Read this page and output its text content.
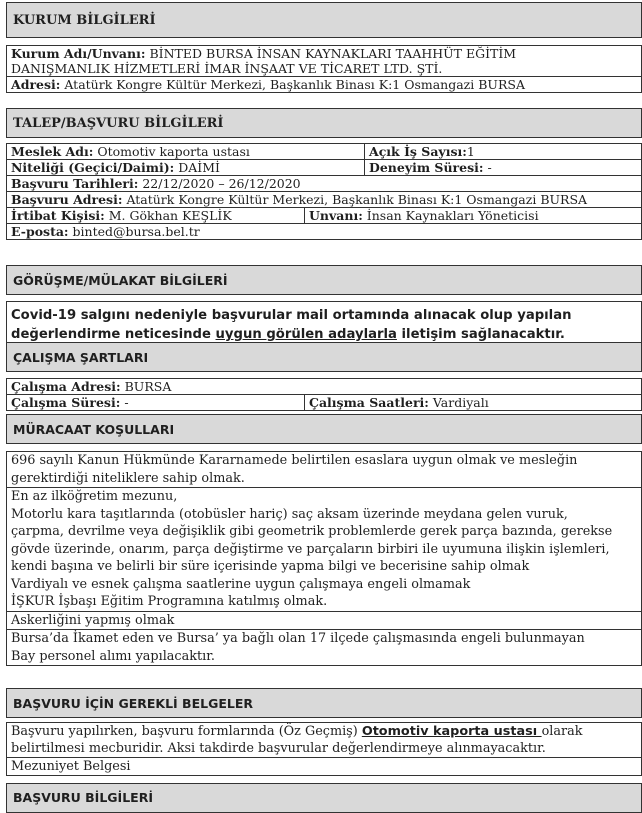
KURUM BİLGİLERİ
Kurum Adı/Unvanı: BİNTED BURSA İNSAN KAYNAKLARI TAAHHÜT EĞİTİM
DANIŞMANLIK HİZMETLERİ İMAR İNŞAAT VE TİCARET LTD. ŞTİ.
Adresi: Atatürk Kongre Kültür Merkezi, Başkanlık Binası K:1 Osmangazi BURSA
TALEP/BAŞVURU BİLGİLERİ
Meslek Adı: Otomotiv kaporta ustası	Açık İş Sayısı:1
Niteliği (Geçici/Daimi): DAİMİ	Deneyim Süresi: -
Başvuru Tarihleri: 22/12/2020 – 26/12/2020
Başvuru Adresi: Atatürk Kongre Kültür Merkezi, Başkanlık Binası K:1 Osmangazi BURSA
İrtibat Kişisi: M. Gökhan KEŞLİK	Unvanı: İnsan Kaynakları Yöneticisi
E-posta: binted@bursa.bel.tr
GÖRÜŞME/MÜLAKAT BİLGİLERİ
Covid-19 salgını nedeniyle başvurular mail ortamında alınacak olup yapılan
değerlendirme neticesinde uygun görülen adaylarla iletişim sağlanacaktır.
ÇALIŞMA ŞARTLARI
Çalışma Adresi: BURSA
Çalışma Süresi: -	Çalışma Saatleri: Vardiyalı
MÜRACAAT KOŞULLARI
696 sayılı Kanun Hükmünde Kararnamede belirtilen esaslara uygun olmak ve mesleğin
gerektirdiği niteliklere sahip olmak.
En az ilköğretim mezunu,
Motorlu kara taşıtlarında (otobüsler hariç) saç aksam üzerinde meydana gelen vuruk,
çarpma, devrilme veya değişiklik gibi geometrik problemlerde gerek parça bazında, gerekse
gövde üzerinde, onarım, parça değiştirme ve parçaların birbiri ile uyumuna ilişkin işlemleri,
kendi başına ve belirli bir süre içerisinde yapma bilgi ve becerisine sahip olmak
Vardiyalı ve esnek çalışma saatlerine uygun çalışmaya engeli olmamak
İŞKUR İşbaşı Eğitim Programına katılmış olmak.
Askerliğini yapmış olmak
Bursa’da İkamet eden ve Bursa’ ya bağlı olan 17 ilçede çalışmasında engeli bulunmayan
Bay personel alımı yapılacaktır.
BAŞVURU İÇİN GEREKLİ BELGELER
Başvuru yapılırken, başvuru formlarında (Öz Geçmiş) Otomotiv kaporta ustası olarak
belirtilmesi mecburidir. Aksi takdirde başvurular değerlendirmeye alınmayacaktır.
Mezuniyet Belgesi
BAŞVURU BİLGİLERİ
